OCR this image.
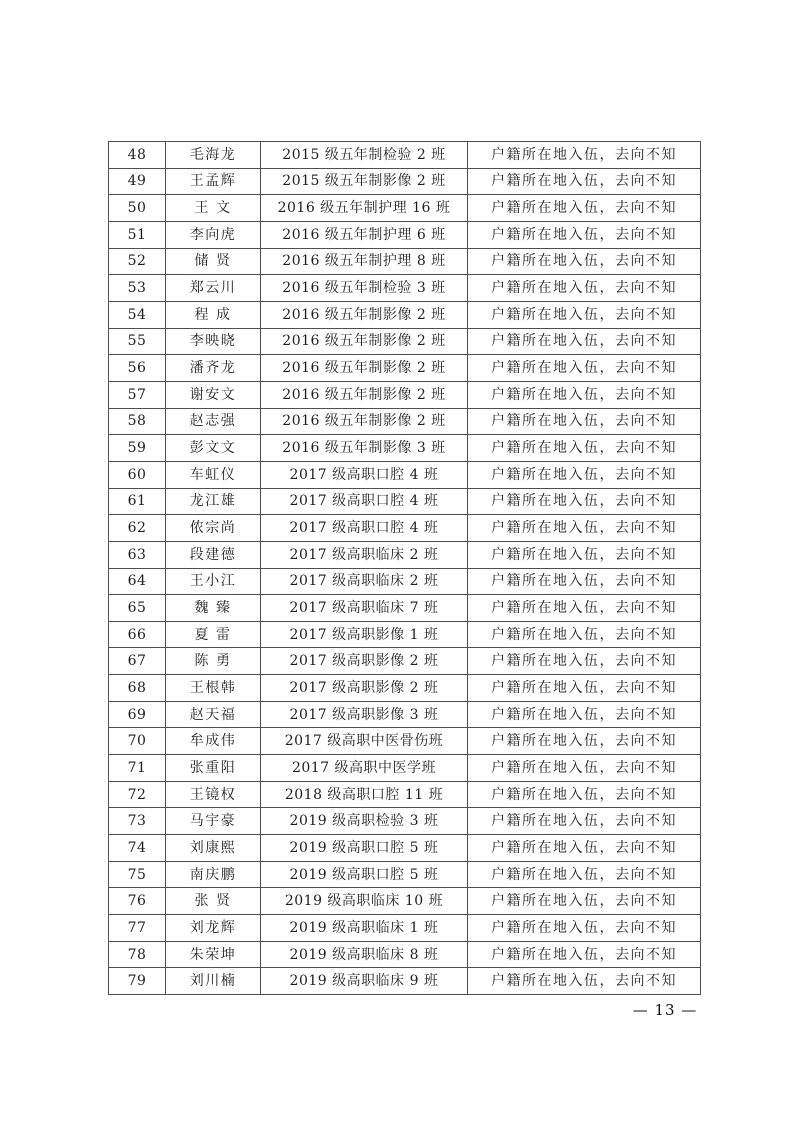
48	毛海龙	2015 级五年制检验 2 班	户籍所在地入伍，去向不知
49	王孟辉	2015 级五年制影像 2 班	户籍所在地入伍，去向不知
50	王 文	2016 级五年制护理 16 班	户籍所在地入伍，去向不知
51	李向虎	2016 级五年制护理 6 班	户籍所在地入伍，去向不知
52	储 贤	2016 级五年制护理 8 班	户籍所在地入伍，去向不知
53	郑云川	2016 级五年制检验 3 班	户籍所在地入伍，去向不知
54	程 成	2016 级五年制影像 2 班	户籍所在地入伍，去向不知
55	李映晓	2016 级五年制影像 2 班	户籍所在地入伍，去向不知
56	潘齐龙	2016 级五年制影像 2 班	户籍所在地入伍，去向不知
57	谢安文	2016 级五年制影像 2 班	户籍所在地入伍，去向不知
58	赵志强	2016 级五年制影像 2 班	户籍所在地入伍，去向不知
59	彭文文	2016 级五年制影像 3 班	户籍所在地入伍，去向不知
60	车虹仪	2017 级高职口腔 4 班	户籍所在地入伍，去向不知
61	龙江雄	2017 级高职口腔 4 班	户籍所在地入伍，去向不知
62	侬宗尚	2017 级高职口腔 4 班	户籍所在地入伍，去向不知
63	段建德	2017 级高职临床 2 班	户籍所在地入伍，去向不知
64	王小江	2017 级高职临床 2 班	户籍所在地入伍，去向不知
65	魏 臻	2017 级高职临床 7 班	户籍所在地入伍，去向不知
66	夏 雷	2017 级高职影像 1 班	户籍所在地入伍，去向不知
67	陈 勇	2017 级高职影像 2 班	户籍所在地入伍，去向不知
68	王根韩	2017 级高职影像 2 班	户籍所在地入伍，去向不知
69	赵天福	2017 级高职影像 3 班	户籍所在地入伍，去向不知
70	牟成伟	2017 级高职中医骨伤班	户籍所在地入伍，去向不知
71	张重阳	2017 级高职中医学班	户籍所在地入伍，去向不知
72	王镜权	2018 级高职口腔 11 班	户籍所在地入伍，去向不知
73	马宇豪	2019 级高职检验 3 班	户籍所在地入伍，去向不知
74	刘康熙	2019 级高职口腔 5 班	户籍所在地入伍，去向不知
75	南庆鹏	2019 级高职口腔 5 班	户籍所在地入伍，去向不知
76	张 贤	2019 级高职临床 10 班	户籍所在地入伍，去向不知
77	刘龙辉	2019 级高职临床 1 班	户籍所在地入伍，去向不知
78	朱荣坤	2019 级高职临床 8 班	户籍所在地入伍，去向不知
79	刘川楠	2019 级高职临床 9 班	户籍所在地入伍，去向不知
— 13 —
